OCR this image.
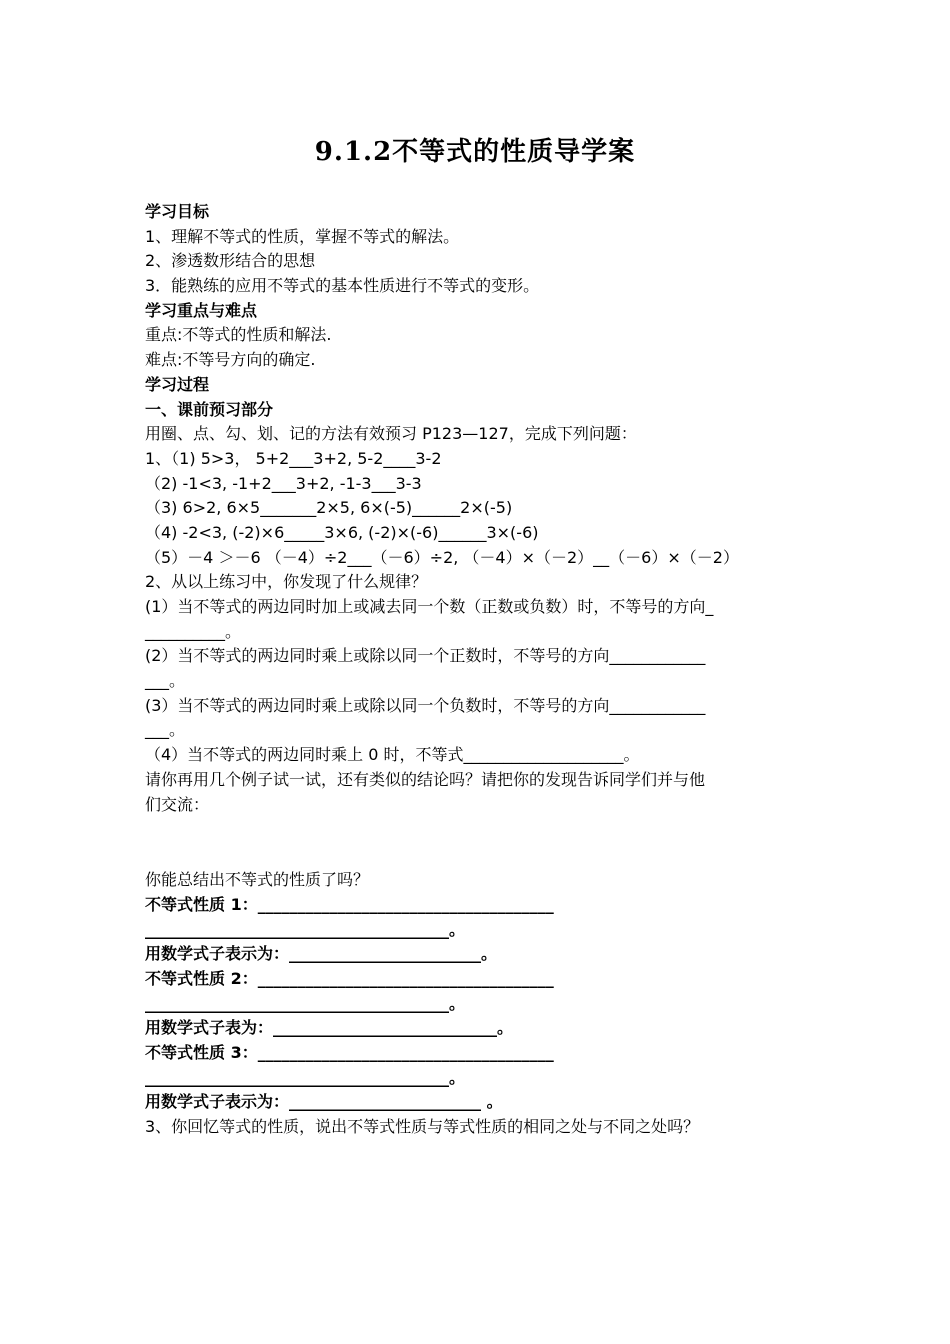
9.1.2不等式的性质导学案
学习目标
1、理解不等式的性质，掌握不等式的解法。
2、渗透数形结合的思想
3．能熟练的应用不等式的基本性质进行不等式的变形。
学习重点与难点
重点:不等式的性质和解法.
难点:不等号方向的确定.
学习过程
一、课前预习部分
用圈、点、勾、划、记的方法有效预习 P123—127，完成下列问题：
1、（1) 5>3， 5+2___3+2, 5-2____3-2
（2) -1<3, -1+2___3+2, -1-3___3-3
（3) 6>2, 6×5_______2×5, 6×(-5)______2×(-5)
（4) -2<3, (-2)×6_____3×6, (-2)×(-6)______3×(-6)
（5）－4 ＞－6 （－4）÷2___（－6）÷2, （－4）×（－2）__（－6）×（－2）
2、从以上练习中，你发现了什么规律？
(1）当不等式的两边同时加上或减去同一个数（正数或负数）时，不等号的方向_
__________。
(2）当不等式的两边同时乘上或除以同一个正数时，不等号的方向____________
___。
(3）当不等式的两边同时乘上或除以同一个负数时，不等号的方向____________
___。
（4）当不等式的两边同时乘上 0 时，不等式____________________。
请你再用几个例子试一试，还有类似的结论吗？请把你的发现告诉同学们并与他
们交流：
你能总结出不等式的性质了吗？
不等式性质 1：_____________________________________
______________________________________。
用数学式子表示为：________________________。
不等式性质 2：_____________________________________
______________________________________。
用数学式子表为：____________________________。
不等式性质 3：_____________________________________
______________________________________。
用数学式子表示为：________________________ 。
3、你回忆等式的性质，说出不等式性质与等式性质的相同之处与不同之处吗？
